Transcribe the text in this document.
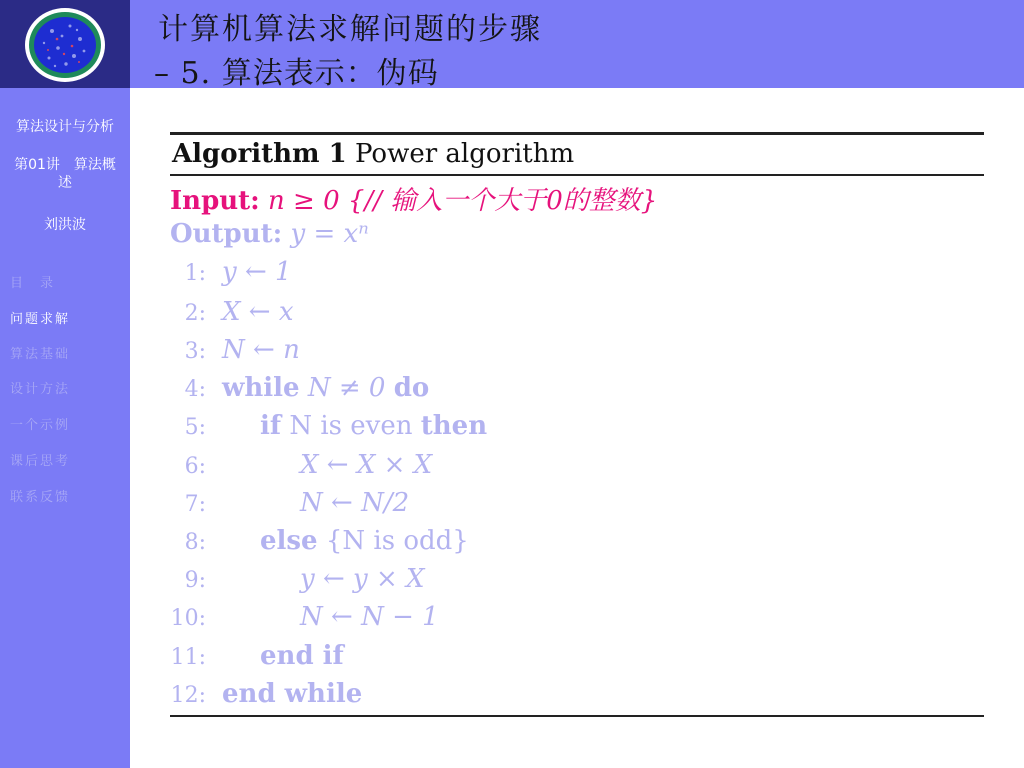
计算机算法求解问题的步骤
– 5. 算法表示：伪码
算法设计与分析
第01讲　算法概述
刘洪波
目　录
问题求解
算法基础
设计方法
一个示例
课后思考
联系反馈
Algorithm 1 Power algorithm
Input: n ≥ 0 {// 输入一个大于0的整数}
Output: y = xⁿ
1: y ← 1
2: X ← x
3: N ← n
4: while N ≠ 0 do
5: if N is even then
6:	X ← X × X
7:	N ← N/2
8: else {N is odd}
9:	y ← y × X
10:	N ← N − 1
11: end if
12: end while
